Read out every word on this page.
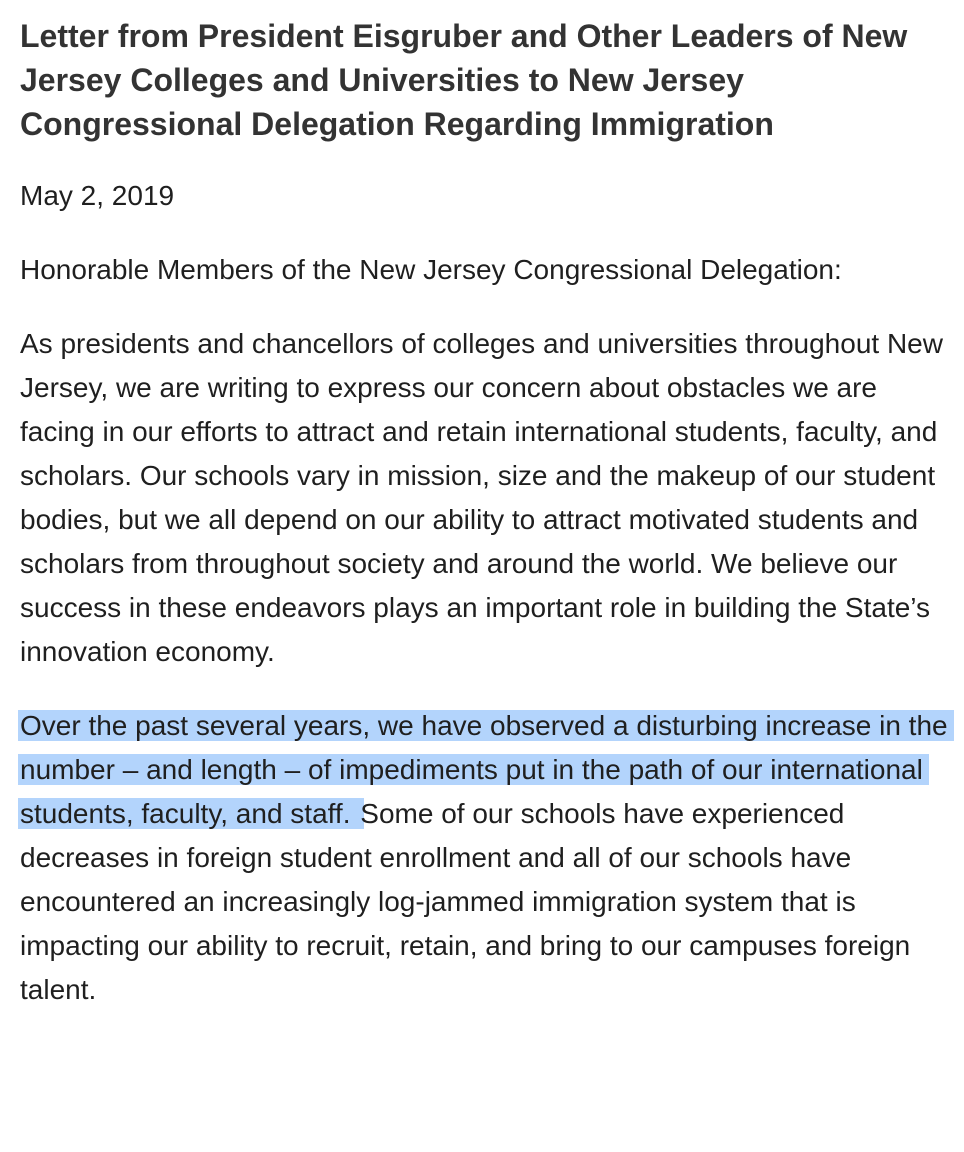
Letter from President Eisgruber and Other Leaders of New Jersey Colleges and Universities to New Jersey Congressional Delegation Regarding Immigration

May 2, 2019

Honorable Members of the New Jersey Congressional Delegation:

As presidents and chancellors of colleges and universities throughout New Jersey, we are writing to express our concern about obstacles we are facing in our efforts to attract and retain international students, faculty, and scholars. Our schools vary in mission, size and the makeup of our student bodies, but we all depend on our ability to attract motivated students and scholars from throughout society and around the world. We believe our success in these endeavors plays an important role in building the State’s innovation economy.

Over the past several years, we have observed a disturbing increase in the number – and length – of impediments put in the path of our international students, faculty, and staff. Some of our schools have experienced decreases in foreign student enrollment and all of our schools have encountered an increasingly log-jammed immigration system that is impacting our ability to recruit, retain, and bring to our campuses foreign talent.
